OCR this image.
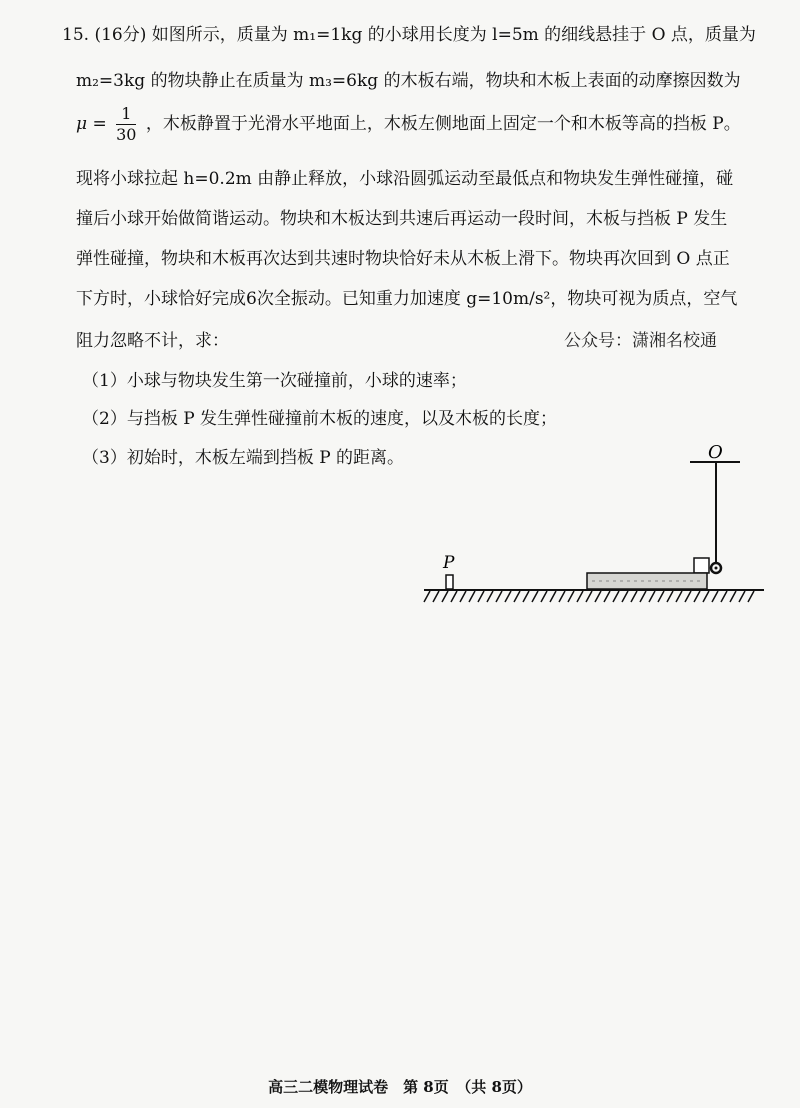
15. (16分) 如图所示，质量为 m₁=1kg 的小球用长度为 l=5m 的细线悬挂于 O 点，质量为
m₂=3kg 的物块静止在质量为 m₃=6kg 的木板右端，物块和木板上表面的动摩擦因数为
$\mu = \frac{1}{30}$ ，木板静置于光滑水平地面上，木板左侧地面上固定一个和木板等高的挡板 P。
现将小球拉起 h=0.2m 由静止释放，小球沿圆弧运动至最低点和物块发生弹性碰撞，碰
撞后小球开始做简谐运动。物块和木板达到共速后再运动一段时间，木板与挡板 P 发生
弹性碰撞，物块和木板再次达到共速时物块恰好未从木板上滑下。物块再次回到 O 点正
下方时，小球恰好完成6次全振动。已知重力加速度 g=10m/s²，物块可视为质点，空气
阻力忽略不计，求：	公众号：潇湘名校通
（1）小球与物块发生第一次碰撞前，小球的速率；
（2）与挡板 P 发生弹性碰撞前木板的速度，以及木板的长度；
（3）初始时，木板左端到挡板 P 的距离。	O
P
高三二模物理试卷　第 8页　（共 8页）
